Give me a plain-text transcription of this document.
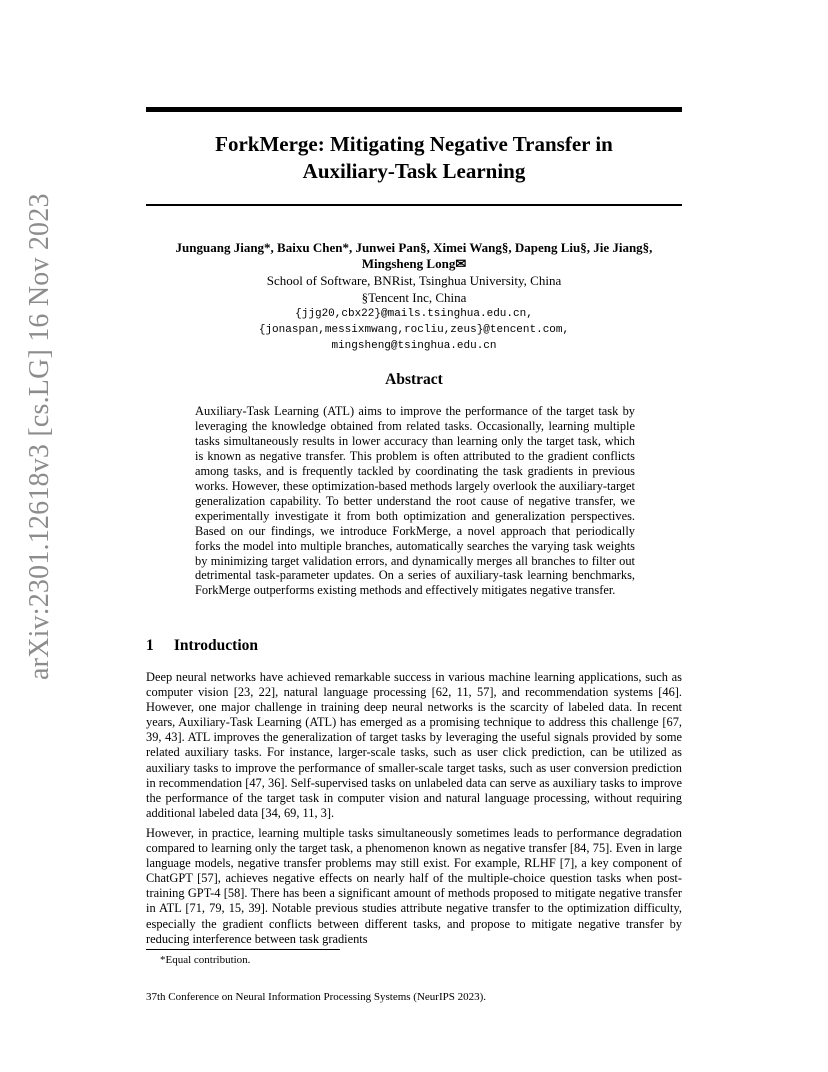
arXiv:2301.12618v3 [cs.LG] 16 Nov 2023
ForkMerge: Mitigating Negative Transfer in
Auxiliary-Task Learning
Junguang Jiang*, Baixu Chen*, Junwei Pan§, Ximei Wang§, Dapeng Liu§, Jie Jiang§,
Mingsheng Long✉
School of Software, BNRist, Tsinghua University, China
§Tencent Inc, China
{jjg20,cbx22}@mails.tsinghua.edu.cn, {jonaspan,messixmwang,rocliu,zeus}@tencent.com,
mingsheng@tsinghua.edu.cn
Abstract
Auxiliary-Task Learning (ATL) aims to improve the performance of the target task by leveraging the knowledge obtained from related tasks. Occasionally, learning multiple tasks simultaneously results in lower accuracy than learning only the target task, which is known as negative transfer. This problem is often attributed to the gradient conflicts among tasks, and is frequently tackled by coordinating the task gradients in previous works. However, these optimization-based methods largely overlook the auxiliary-target generalization capability. To better understand the root cause of negative transfer, we experimentally investigate it from both optimization and generalization perspectives. Based on our findings, we introduce ForkMerge, a novel approach that periodically forks the model into multiple branches, automatically searches the varying task weights by minimizing target validation errors, and dynamically merges all branches to filter out detrimental task-parameter updates. On a series of auxiliary-task learning benchmarks, ForkMerge outperforms existing methods and effectively mitigates negative transfer.
1 Introduction
Deep neural networks have achieved remarkable success in various machine learning applications, such as computer vision [23, 22], natural language processing [62, 11, 57], and recommendation systems [46]. However, one major challenge in training deep neural networks is the scarcity of labeled data. In recent years, Auxiliary-Task Learning (ATL) has emerged as a promising technique to address this challenge [67, 39, 43]. ATL improves the generalization of target tasks by leveraging the useful signals provided by some related auxiliary tasks. For instance, larger-scale tasks, such as user click prediction, can be utilized as auxiliary tasks to improve the performance of smaller-scale target tasks, such as user conversion prediction in recommendation [47, 36]. Self-supervised tasks on unlabeled data can serve as auxiliary tasks to improve the performance of the target task in computer vision and natural language processing, without requiring additional labeled data [34, 69, 11, 3].
However, in practice, learning multiple tasks simultaneously sometimes leads to performance degradation compared to learning only the target task, a phenomenon known as negative transfer [84, 75]. Even in large language models, negative transfer problems may still exist. For example, RLHF [7], a key component of ChatGPT [57], achieves negative effects on nearly half of the multiple-choice question tasks when post-training GPT-4 [58]. There has been a significant amount of methods proposed to mitigate negative transfer in ATL [71, 79, 15, 39]. Notable previous studies attribute negative transfer to the optimization difficulty, especially the gradient conflicts between different tasks, and propose to mitigate negative transfer by reducing interference between task gradients
*Equal contribution.
37th Conference on Neural Information Processing Systems (NeurIPS 2023).
